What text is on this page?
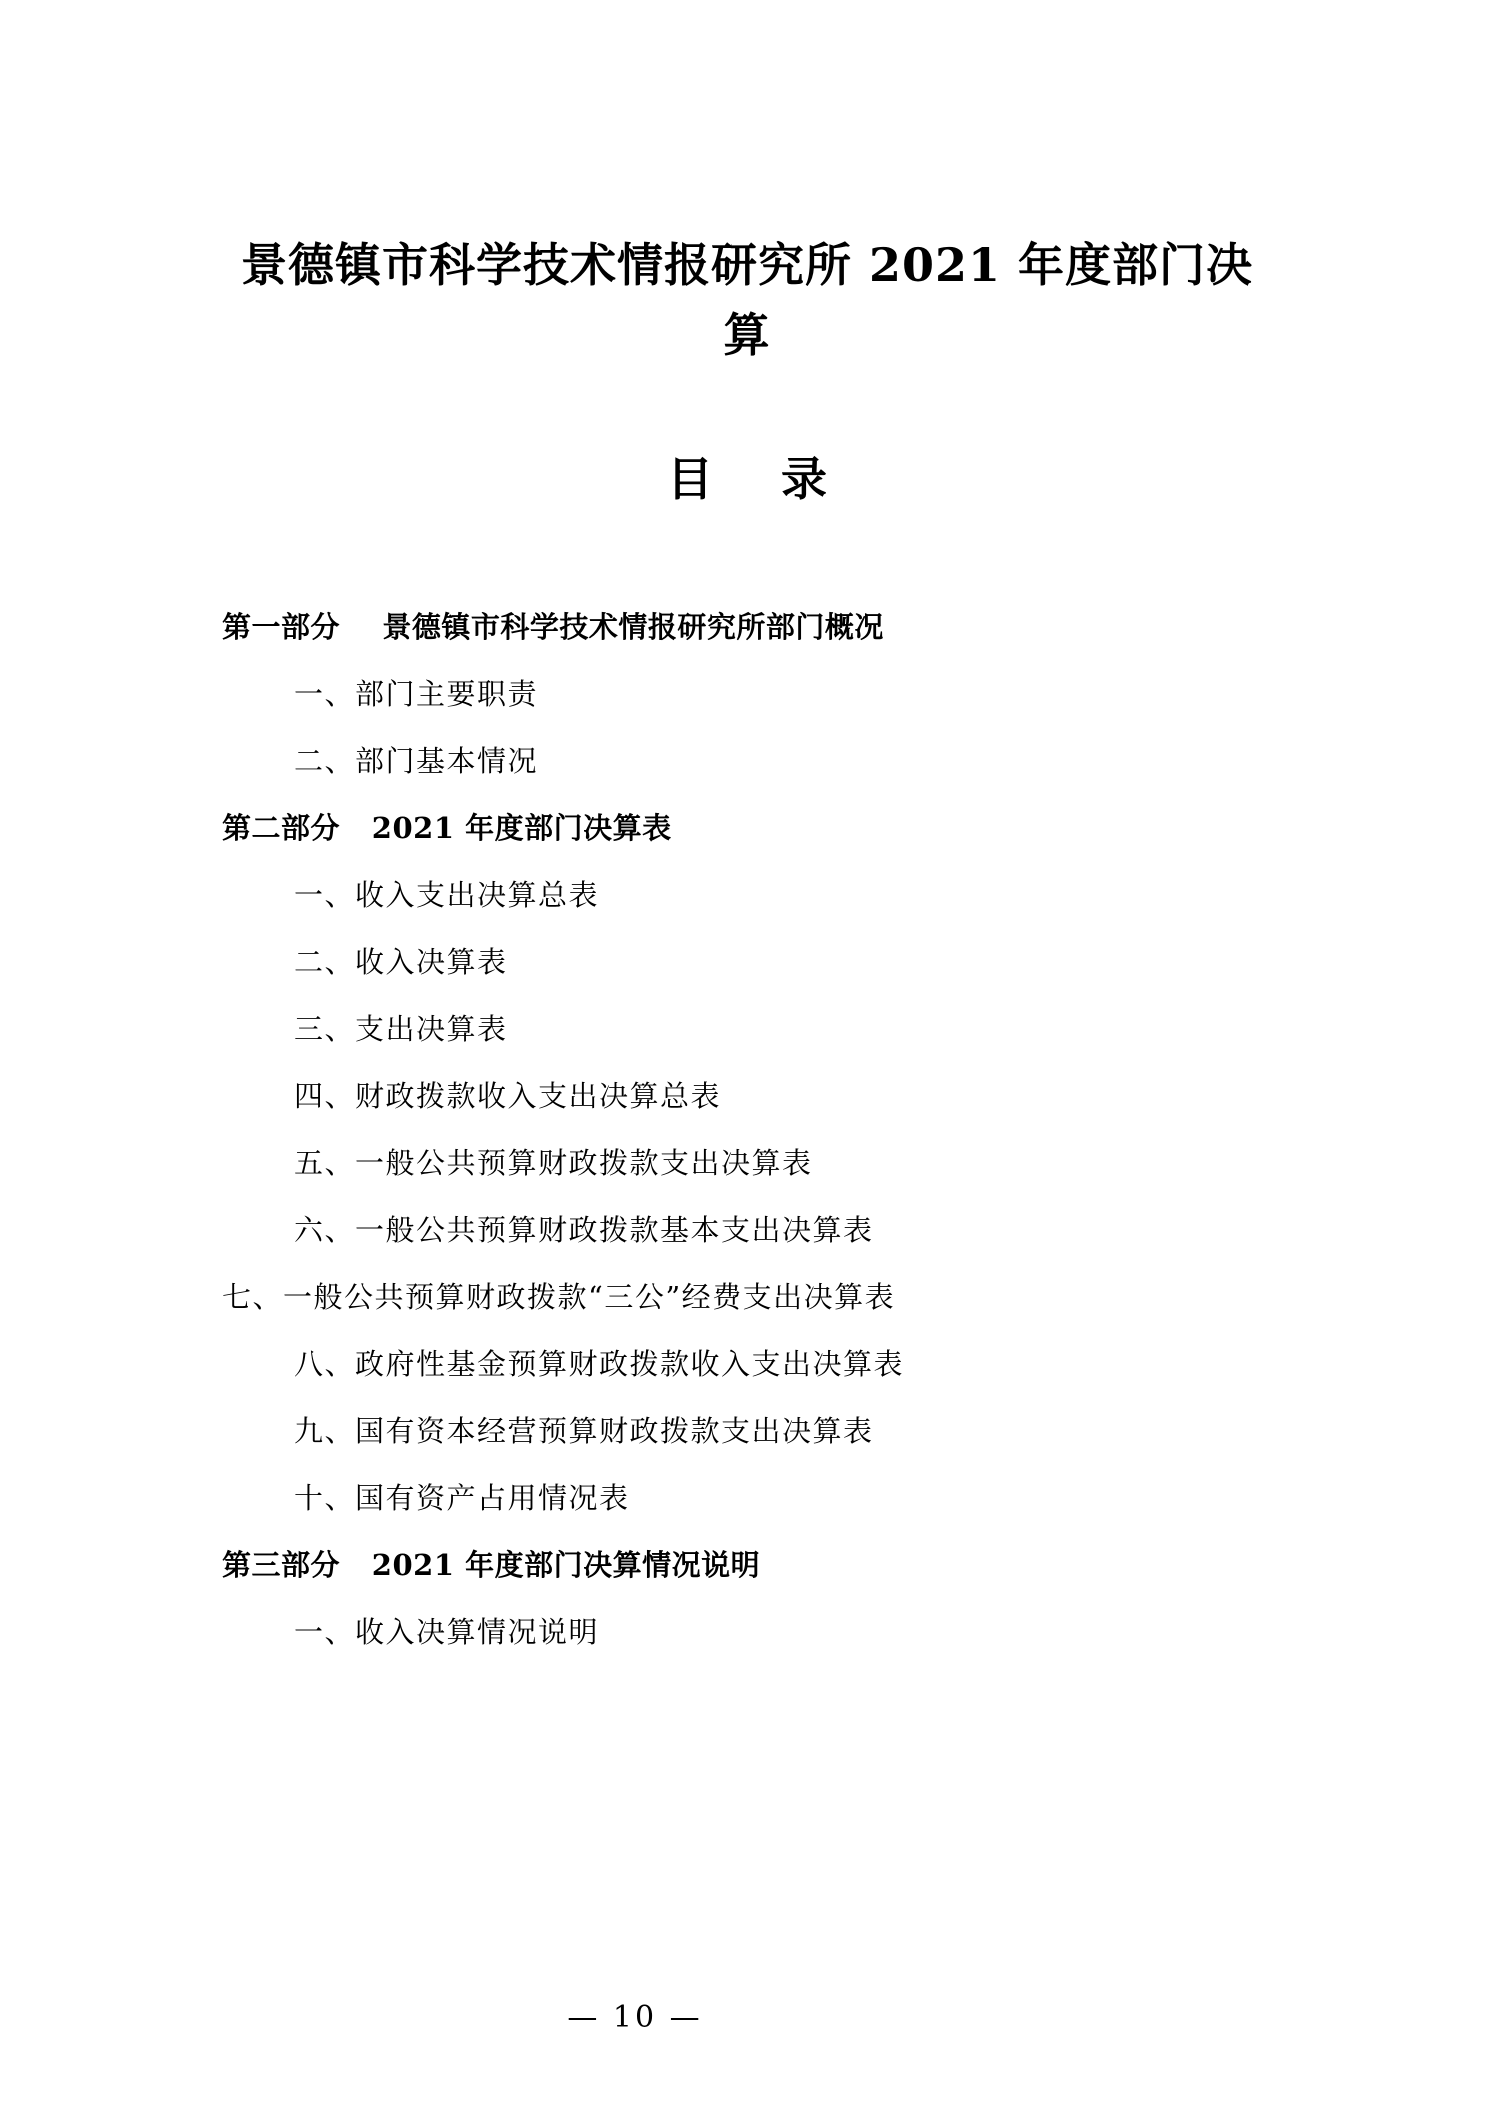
景德镇市科学技术情报研究所 2021 年度部门决算
目 录
第一部分    景德镇市科学技术情报研究所部门概况
一、部门主要职责
二、部门基本情况
第二部分   2021 年度部门决算表
一、收入支出决算总表
二、收入决算表
三、支出决算表
四、财政拨款收入支出决算总表
五、一般公共预算财政拨款支出决算表
六、一般公共预算财政拨款基本支出决算表
七、一般公共预算财政拨款“三公”经费支出决算表
八、政府性基金预算财政拨款收入支出决算表
九、国有资本经营预算财政拨款支出决算表
十、国有资产占用情况表
第三部分   2021 年度部门决算情况说明
一、收入决算情况说明
— 10 —
